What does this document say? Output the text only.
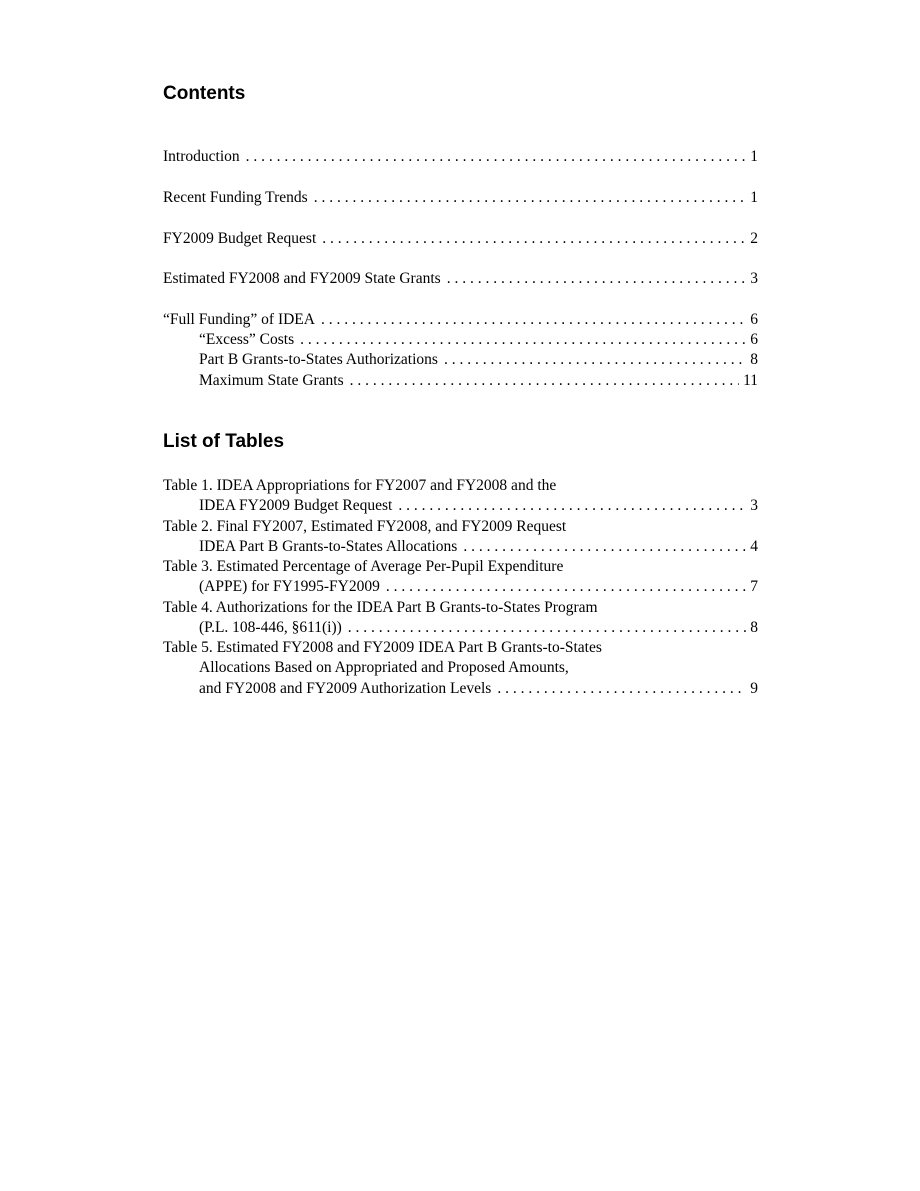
Contents
Introduction . . .	1
Recent Funding Trends . . .	1
FY2009 Budget Request . . .	2
Estimated FY2008 and FY2009 State Grants . . .	3
“Full Funding” of IDEA . . .	6
“Excess” Costs . . .	6
Part B Grants-to-States Authorizations . . .	8
Maximum State Grants . . .	11
List of Tables
Table 1. IDEA Appropriations for FY2007 and FY2008 and the
IDEA FY2009 Budget Request . . .	3
Table 2. Final FY2007, Estimated FY2008, and FY2009 Request
IDEA Part B Grants-to-States Allocations . . .	4
Table 3. Estimated Percentage of Average Per-Pupil Expenditure
(APPE) for FY1995-FY2009 . . .	7
Table 4. Authorizations for the IDEA Part B Grants-to-States Program
(P.L. 108-446, §611(i)) . . .	8
Table 5. Estimated FY2008 and FY2009 IDEA Part B Grants-to-States
Allocations Based on Appropriated and Proposed Amounts,
and FY2008 and FY2009 Authorization Levels . . .	9
